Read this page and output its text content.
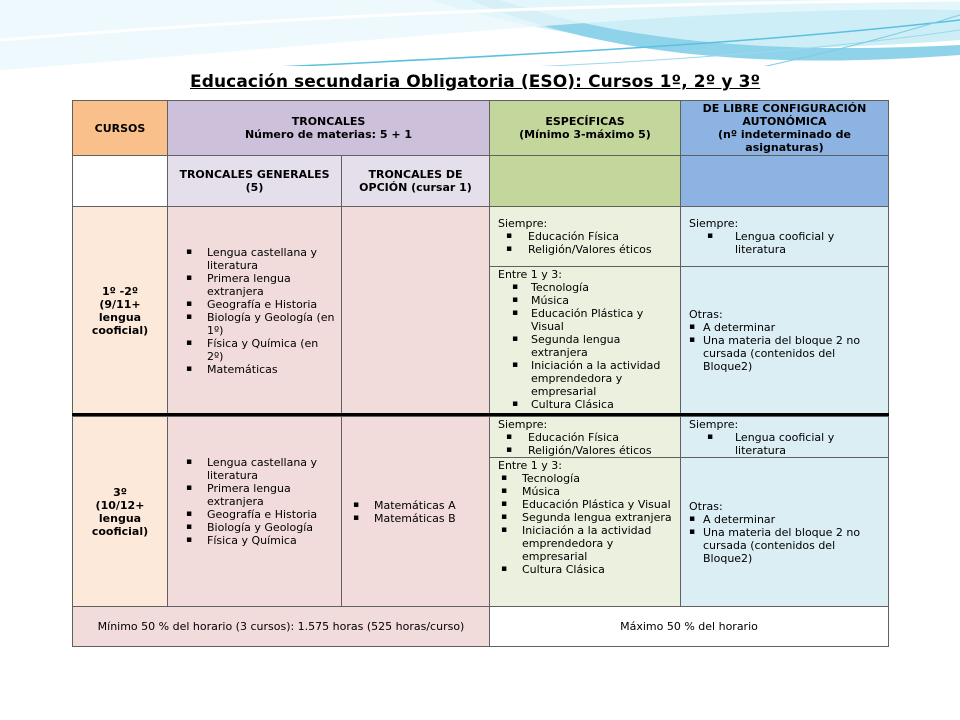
Educación secundaria Obligatoria (ESO): Cursos 1º, 2º y 3º
CURSOS	TRONCALES
Número de materias: 5 + 1
ESPECÍFICAS
(Mínimo 3-máximo 5)
DE LIBRE CONFIGURACIÓN
AUTONÓMICA
(nº indeterminado de
asignaturas)
TRONCALES GENERALES
(5)
TRONCALES DE
OPCIÓN (cursar 1)
1º -2º
(9/11+
lengua
cooficial)
▪ Lengua castellana y literatura
▪ Primera lengua extranjera
▪ Geografía e Historia
▪ Biología y Geología (en 1º)
▪ Física y Química (en 2º)
▪ Matemáticas
Siempre:
▪ Educación Física
▪ Religión/Valores éticos
Siempre:
▪ Lengua cooficial y literatura
Entre 1 y 3:
▪ Tecnología
▪ Música
▪ Educación Plástica y Visual
▪ Segunda lengua extranjera
▪ Iniciación a la actividad emprendedora y empresarial
▪ Cultura Clásica
Otras:
▪ A determinar
▪ Una materia del bloque 2 no cursada (contenidos del Bloque2)
3º
(10/12+
lengua
cooficial)
▪ Lengua castellana y literatura
▪ Primera lengua extranjera
▪ Geografía e Historia
▪ Biología y Geología
▪ Física y Química
▪ Matemáticas A
▪ Matemáticas B
Siempre:
▪ Educación Física
▪ Religión/Valores éticos
Siempre:
▪ Lengua cooficial y literatura
Entre 1 y 3:
▪ Tecnología
▪ Música
▪ Educación Plástica y Visual
▪ Segunda lengua extranjera
▪ Iniciación a la actividad emprendedora y empresarial
▪ Cultura Clásica
Otras:
▪ A determinar
▪ Una materia del bloque 2 no cursada (contenidos del Bloque2)
Mínimo 50 % del horario (3 cursos): 1.575 horas (525 horas/curso)	Máximo 50 % del horario
